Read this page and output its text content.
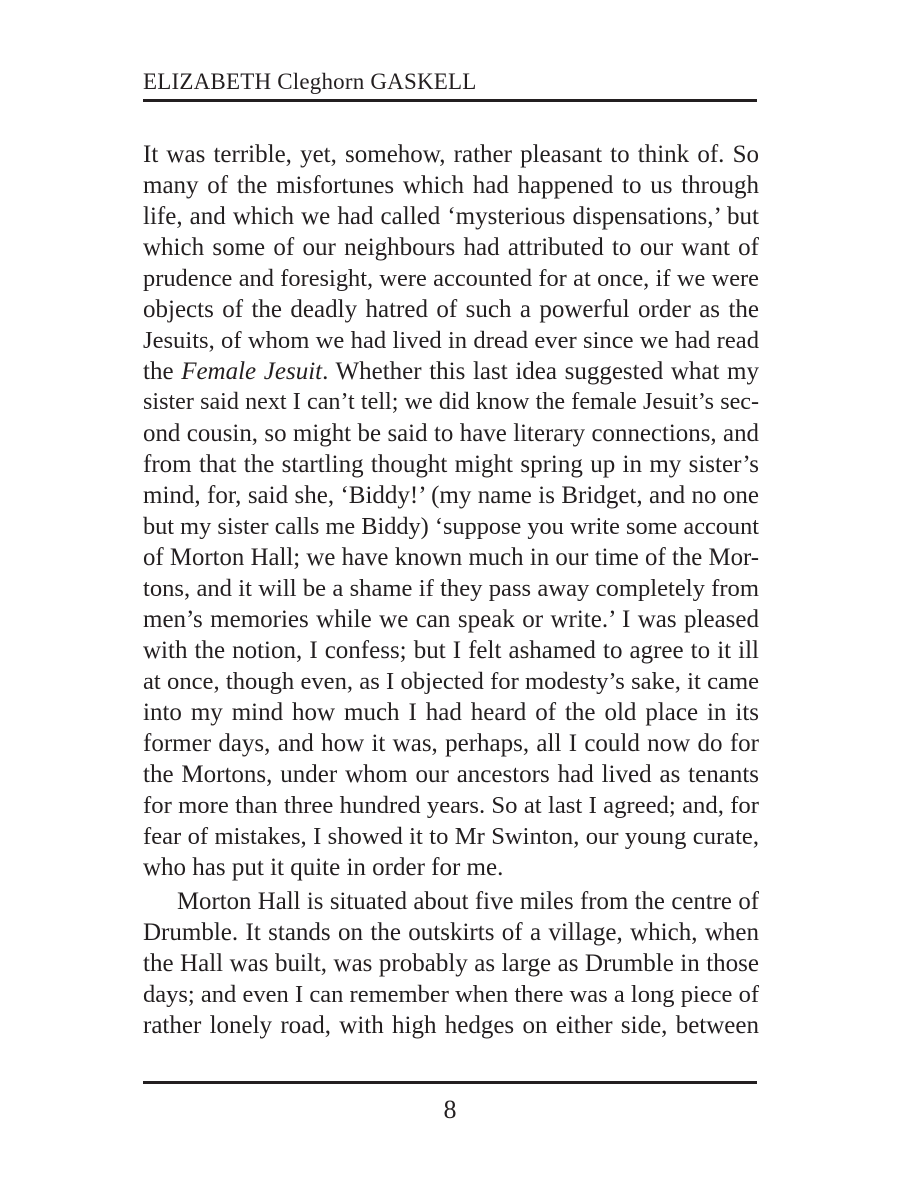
ELIZABETH Cleghorn GASKELL
It was terrible, yet, somehow, rather pleasant to think of. So
many of the misfortunes which had happened to us through
life, and which we had called ‘mysterious dispensations,’ but
which some of our neighbours had attributed to our want of
prudence and foresight, were accounted for at once, if we were
objects of the deadly hatred of such a powerful order as the
Jesuits, of whom we had lived in dread ever since we had read
the Female Jesuit. Whether this last idea suggested what my
sister said next I can’t tell; we did know the female Jesuit’s sec-
ond cousin, so might be said to have literary connections, and
from that the startling thought might spring up in my sister’s
mind, for, said she, ‘Biddy!’ (my name is Bridget, and no one
but my sister calls me Biddy) ‘suppose you write some account
of Morton Hall; we have known much in our time of the Mor-
tons, and it will be a shame if they pass away completely from
men’s memories while we can speak or write.’ I was pleased
with the notion, I confess; but I felt ashamed to agree to it ill
at once, though even, as I objected for modesty’s sake, it came
into my mind how much I had heard of the old place in its
former days, and how it was, perhaps, all I could now do for
the Mortons, under whom our ancestors had lived as tenants
for more than three hundred years. So at last I agreed; and, for
fear of mistakes, I showed it to Mr Swinton, our young curate,
who has put it quite in order for me.
Morton Hall is situated about five miles from the centre of
Drumble. It stands on the outskirts of a village, which, when
the Hall was built, was probably as large as Drumble in those
days; and even I can remember when there was a long piece of
rather lonely road, with high hedges on either side, between
8
